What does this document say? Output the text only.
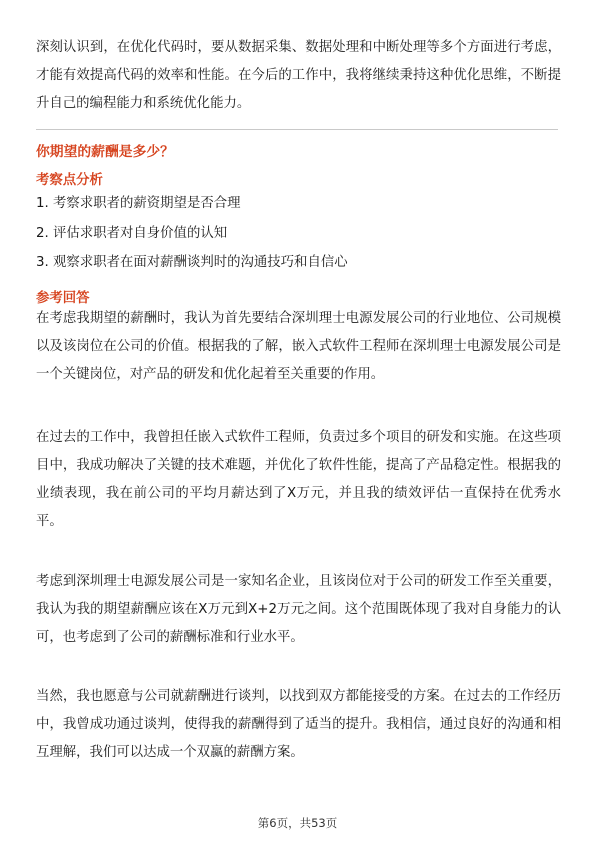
深刻认识到，在优化代码时，要从数据采集、数据处理和中断处理等多个方面进行考虑，才能有效提高代码的效率和性能。在今后的工作中，我将继续秉持这种优化思维，不断提升自己的编程能力和系统优化能力。

你期望的薪酬是多少？

考察点分析

1. 考察求职者的薪资期望是否合理

2. 评估求职者对自身价值的认知

3. 观察求职者在面对薪酬谈判时的沟通技巧和自信心

参考回答

在考虑我期望的薪酬时，我认为首先要结合深圳理士电源发展公司的行业地位、公司规模以及该岗位在公司的价值。根据我的了解，嵌入式软件工程师在深圳理士电源发展公司是一个关键岗位，对产品的研发和优化起着至关重要的作用。

在过去的工作中，我曾担任嵌入式软件工程师，负责过多个项目的研发和实施。在这些项目中，我成功解决了关键的技术难题，并优化了软件性能，提高了产品稳定性。根据我的业绩表现，我在前公司的平均月薪达到了X万元，并且我的绩效评估一直保持在优秀水平。

考虑到深圳理士电源发展公司是一家知名企业，且该岗位对于公司的研发工作至关重要，我认为我的期望薪酬应该在X万元到X+2万元之间。这个范围既体现了我对自身能力的认可，也考虑到了公司的薪酬标准和行业水平。

当然，我也愿意与公司就薪酬进行谈判，以找到双方都能接受的方案。在过去的工作经历中，我曾成功通过谈判，使得我的薪酬得到了适当的提升。我相信，通过良好的沟通和相互理解，我们可以达成一个双赢的薪酬方案。

第6页，共53页
